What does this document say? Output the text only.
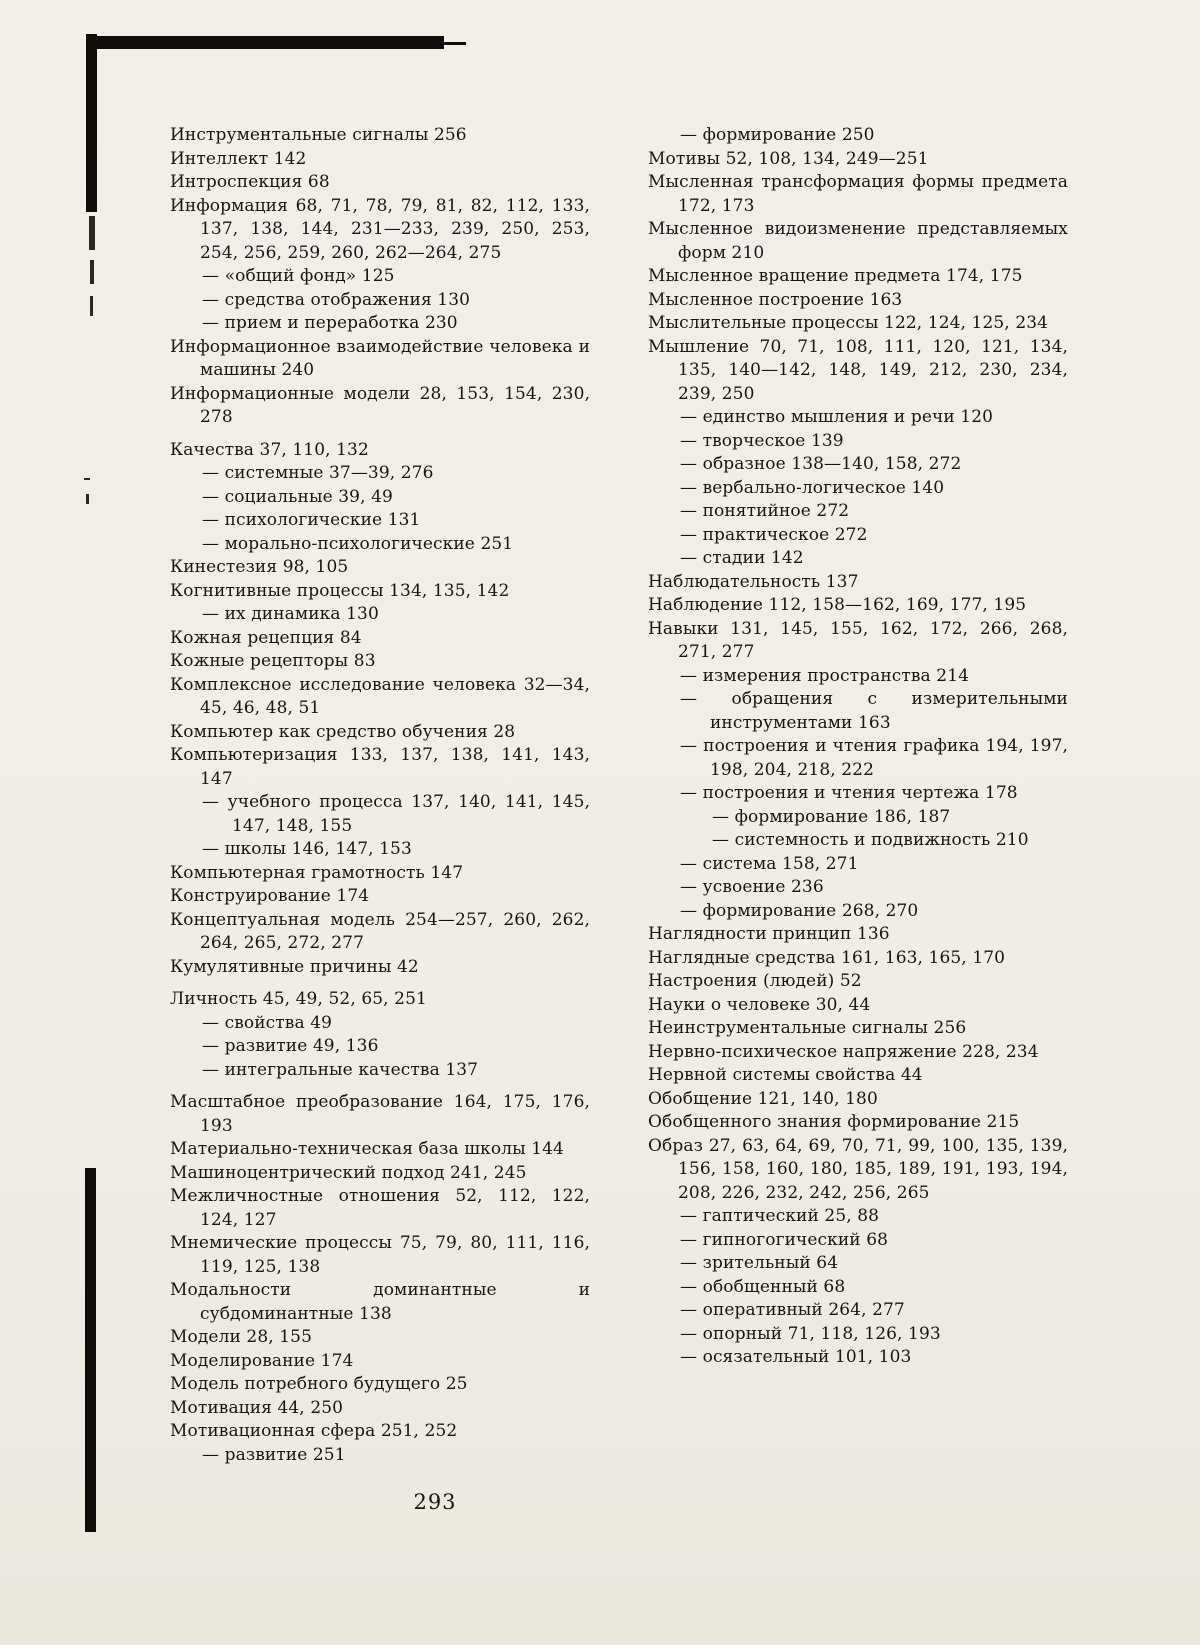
Инструментальные сигналы 256
Интеллект 142
Интроспекция 68
Информация 68, 71, 78, 79, 81, 82, 112, 133, 137, 138, 144, 231—233, 239, 250, 253, 254, 256, 259, 260, 262—264, 275
— «общий фонд» 125
— средства отображения 130
— прием и переработка 230
Информационное взаимодействие человека и машины 240
Информационные модели 28, 153, 154, 230, 278
Качества 37, 110, 132
— системные 37—39, 276
— социальные 39, 49
— психологические 131
— морально-психологические 251
Кинестезия 98, 105
Когнитивные процессы 134, 135, 142
— их динамика 130
Кожная рецепция 84
Кожные рецепторы 83
Комплексное исследование человека 32—34, 45, 46, 48, 51
Компьютер как средство обучения 28
Компьютеризация 133, 137, 138, 141, 143, 147
— учебного процесса 137, 140, 141, 145, 147, 148, 155
— школы 146, 147, 153
Компьютерная грамотность 147
Конструирование 174
Концептуальная модель 254—257, 260, 262, 264, 265, 272, 277
Кумулятивные причины 42
Личность 45, 49, 52, 65, 251
— свойства 49
— развитие 49, 136
— интегральные качества 137
Масштабное преобразование 164, 175, 176, 193
Материально-техническая база школы 144
Машиноцентрический подход 241, 245
Межличностные отношения 52, 112, 122, 124, 127
Мнемические процессы 75, 79, 80, 111, 116, 119, 125, 138
Модальности доминантные и субдоминантные 138
Модели 28, 155
Моделирование 174
Модель потребного будущего 25
Мотивация 44, 250
Мотивационная сфера 251, 252
— развитие 251
— формирование 250
Мотивы 52, 108, 134, 249—251
Мысленная трансформация формы предмета 172, 173
Мысленное видоизменение представляемых форм 210
Мысленное вращение предмета 174, 175
Мысленное построение 163
Мыслительные процессы 122, 124, 125, 234
Мышление 70, 71, 108, 111, 120, 121, 134, 135, 140—142, 148, 149, 212, 230, 234, 239, 250
— единство мышления и речи 120
— творческое 139
— образное 138—140, 158, 272
— вербально-логическое 140
— понятийное 272
— практическое 272
— стадии 142
Наблюдательность 137
Наблюдение 112, 158—162, 169, 177, 195
Навыки 131, 145, 155, 162, 172, 266, 268, 271, 277
— измерения пространства 214
— обращения с измерительными инструментами 163
— построения и чтения графика 194, 197, 198, 204, 218, 222
— построения и чтения чертежа 178
— формирование 186, 187
— системность и подвижность 210
— система 158, 271
— усвоение 236
— формирование 268, 270
Наглядности принцип 136
Наглядные средства 161, 163, 165, 170
Настроения (людей) 52
Науки о человеке 30, 44
Неинструментальные сигналы 256
Нервно-психическое напряжение 228, 234
Нервной системы свойства 44
Обобщение 121, 140, 180
Обобщенного знания формирование 215
Образ 27, 63, 64, 69, 70, 71, 99, 100, 135, 139, 156, 158, 160, 180, 185, 189, 191, 193, 194, 208, 226, 232, 242, 256, 265
— гаптический 25, 88
— гипногогический 68
— зрительный 64
— обобщенный 68
— оперативный 264, 277
— опорный 71, 118, 126, 193
— осязательный 101, 103
293
